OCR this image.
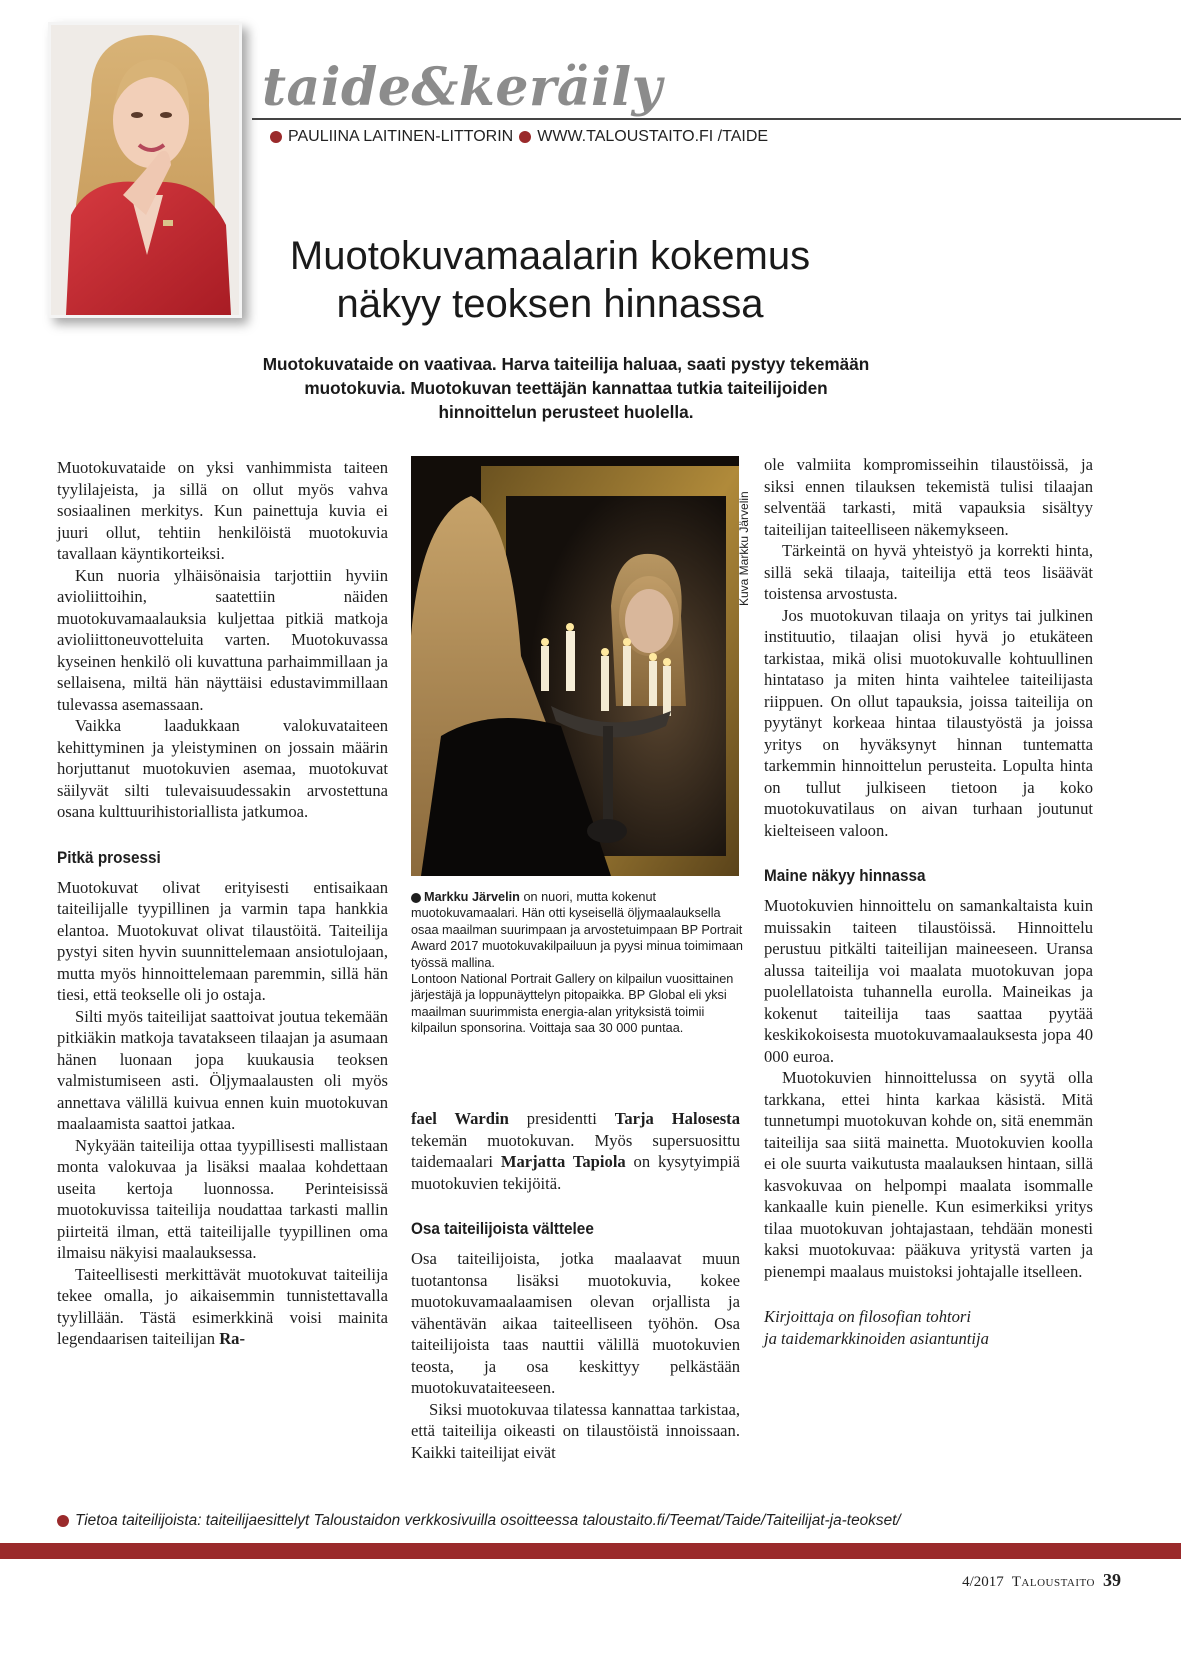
taide&keräily
PAULIINA LAITINEN-LITTORIN WWW.TALOUSTAITO.FI /TAIDE
Muotokuvamaalarin kokemus
näkyy teoksen hinnassa
Muotokuvataide on vaativaa. Harva taiteilija haluaa, saati pystyy tekemään muotokuvia. Muotokuvan teettäjän kannattaa tutkia taiteilijoiden hinnoittelun perusteet huolella.

Muotokuvataide on yksi vanhimmista taiteen tyylilajeista, ja sillä on ollut myös vahva sosiaalinen merkitys. Kun painettuja kuvia ei juuri ollut, tehtiin henkilöistä muotokuvia tavallaan käyntikorteiksi.

Kun nuoria ylhäisönaisia tarjottiin hyviin avioliittoihin, saatettiin näiden muotokuvamaalauksia kuljettaa pitkiä matkoja avioliittoneuvotteluita varten. Muotokuvassa kyseinen henkilö oli kuvattuna parhaimmillaan ja sellaisena, miltä hän näyttäisi edustavimmillaan tulevassa asemassaan.

Vaikka laadukkaan valokuvataiteen kehittyminen ja yleistyminen on jossain määrin horjuttanut muotokuvien asemaa, muotokuvat säilyvät silti tulevaisuudessakin arvostettuna osana kulttuurihistoriallista jatkumoa.

Pitkä prosessi

Muotokuvat olivat erityisesti entisaikaan taiteilijalle tyypillinen ja varmin tapa hankkia elantoa. Muotokuvat olivat tilaustöitä. Taiteilija pystyi siten hyvin suunnittelemaan ansiotulojaan, mutta myös hinnoittelemaan paremmin, sillä hän tiesi, että teokselle oli jo ostaja.

Silti myös taiteilijat saattoivat joutua tekemään pitkiäkin matkoja tavatakseen tilaajan ja asumaan hänen luonaan jopa kuukausia teoksen valmistumiseen asti. Öljymaalausten oli myös annettava välillä kuivua ennen kuin muotokuvan maalaamista saattoi jatkaa.

Nykyään taiteilija ottaa tyypillisesti mallistaan monta valokuvaa ja lisäksi maalaa kohdettaan useita kertoja luonnossa. Perinteisissä muotokuvissa taiteilija noudattaa tarkasti mallin piirteitä ilman, että taiteilijalle tyypillinen oma ilmaisu näkyisi maalauksessa.

Taiteellisesti merkittävät muotokuvat taiteilija tekee omalla, jo aikaisemmin tunnistettavalla tyylillään. Tästä esimerkkinä voisi mainita legendaarisen taiteilijan Ra-

Kuva Markku Järvelin
Markku Järvelin on nuori, mutta kokenut muotokuvamaalari. Hän otti kyseisellä öljymaalauksella osaa maailman suurimpaan ja arvostetuimpaan BP Portrait Award 2017 muotokuvakilpailuun ja pyysi minua toimimaan työssä mallina.
Lontoon National Portrait Gallery on kilpailun vuosittainen järjestäjä ja loppunäyttelyn pitopaikka. BP Global eli yksi maailman suurimmista energia-alan yrityksistä toimii kilpailun sponsorina. Voittaja saa 30 000 puntaa.

fael Wardin presidentti Tarja Halosesta tekemän muotokuvan. Myös supersuosittu taidemaalari Marjatta Tapiola on kysytyimpiä muotokuvien tekijöitä.

Osa taiteilijoista välttelee

Osa taiteilijoista, jotka maalaavat muun tuotantonsa lisäksi muotokuvia, kokee muotokuvamaalaamisen olevan orjallista ja vähentävän aikaa taiteelliseen työhön. Osa taiteilijoista taas nauttii välillä muotokuvien teosta, ja osa keskittyy pelkästään muotokuvataiteeseen.

Siksi muotokuvaa tilatessa kannattaa tarkistaa, että taiteilija oikeasti on tilaustöistä innoissaan. Kaikki taiteilijat eivät

ole valmiita kompromisseihin tilaustöissä, ja siksi ennen tilauksen tekemistä tulisi tilaajan selventää tarkasti, mitä vapauksia sisältyy taiteilijan taiteelliseen näkemykseen.

Tärkeintä on hyvä yhteistyö ja korrekti hinta, sillä sekä tilaaja, taiteilija että teos lisäävät toistensa arvostusta.

Jos muotokuvan tilaaja on yritys tai julkinen instituutio, tilaajan olisi hyvä jo etukäteen tarkistaa, mikä olisi muotokuvalle kohtuullinen hintataso ja miten hinta vaihtelee taiteilijasta riippuen. On ollut tapauksia, joissa taiteilija on pyytänyt korkeaa hintaa tilaustyöstä ja joissa yritys on hyväksynyt hinnan tuntematta tarkemmin hinnoittelun perusteita. Lopulta hinta on tullut julkiseen tietoon ja koko muotokuvatilaus on aivan turhaan joutunut kielteiseen valoon.

Maine näkyy hinnassa

Muotokuvien hinnoittelu on samankaltaista kuin muissakin taiteen tilaustöissä. Hinnoittelu perustuu pitkälti taiteilijan maineeseen. Uransa alussa taiteilija voi maalata muotokuvan jopa puolellatoista tuhannella eurolla. Maineikas ja kokenut taiteilija taas saattaa pyytää keskikokoisesta muotokuvamaalauksesta jopa 40 000 euroa.

Muotokuvien hinnoittelussa on syytä olla tarkkana, ettei hinta karkaa käsistä. Mitä tunnetumpi muotokuvan kohde on, sitä enemmän taiteilija saa siitä mainetta. Muotokuvien koolla ei ole suurta vaikutusta maalauksen hintaan, sillä kasvokuvaa on helpompi maalata isommalle kankaalle kuin pienelle. Kun esimerkiksi yritys tilaa muotokuvan johtajastaan, tehdään monesti kaksi muotokuvaa: pääkuva yritystä varten ja pienempi maalaus muistoksi johtajalle itselleen.

Kirjoittaja on filosofian tohtori
ja taidemarkkinoiden asiantuntija

Tietoa taiteilijoista: taiteilijaesittelyt Taloustaidon verkkosivuilla osoitteessa taloustaito.fi/Teemat/Taide/Taiteilijat-ja-teokset/
4/2017 Taloustaito 39
